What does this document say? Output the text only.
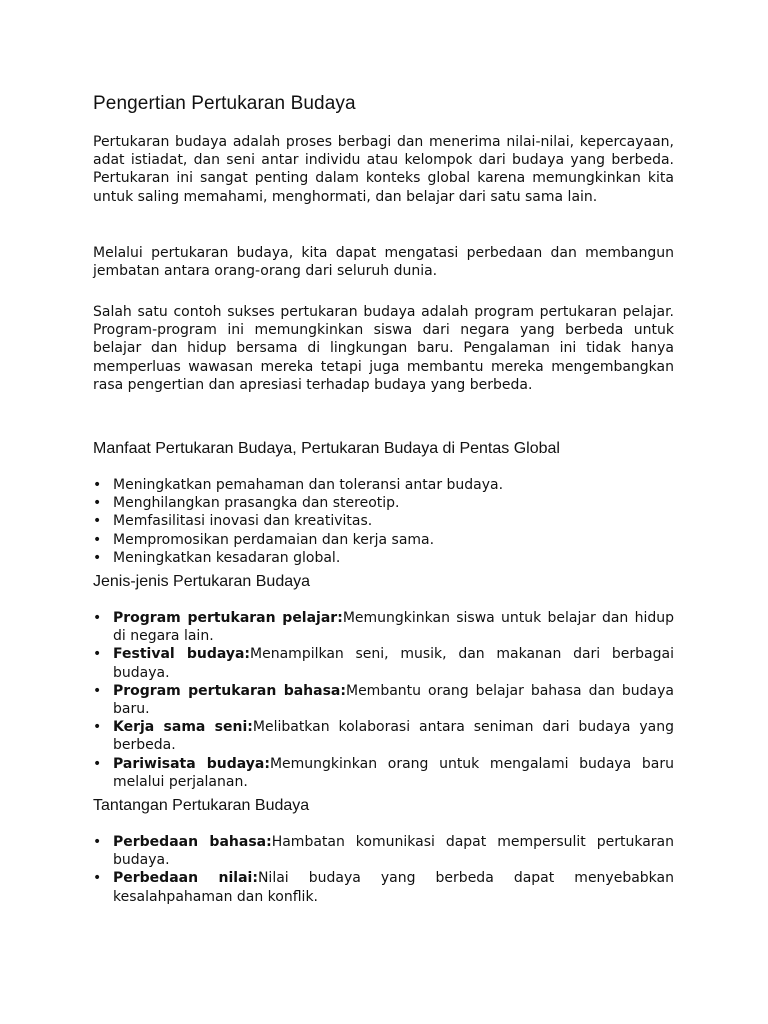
Pengertian Pertukaran Budaya

Pertukaran budaya adalah proses berbagi dan menerima nilai-nilai, kepercayaan, adat istiadat, dan seni antar individu atau kelompok dari budaya yang berbeda. Pertukaran ini sangat penting dalam konteks global karena memungkinkan kita untuk saling memahami, menghormati, dan belajar dari satu sama lain.

Melalui pertukaran budaya, kita dapat mengatasi perbedaan dan membangun jembatan antara orang-orang dari seluruh dunia.

Salah satu contoh sukses pertukaran budaya adalah program pertukaran pelajar. Program-program ini memungkinkan siswa dari negara yang berbeda untuk belajar dan hidup bersama di lingkungan baru. Pengalaman ini tidak hanya memperluas wawasan mereka tetapi juga membantu mereka mengembangkan rasa pengertian dan apresiasi terhadap budaya yang berbeda.

Manfaat Pertukaran Budaya, Pertukaran Budaya di Pentas Global
• Meningkatkan pemahaman dan toleransi antar budaya.
• Menghilangkan prasangka dan stereotip.
• Memfasilitasi inovasi dan kreativitas.
• Mempromosikan perdamaian dan kerja sama.
• Meningkatkan kesadaran global.
Jenis-jenis Pertukaran Budaya
• Program pertukaran pelajar:Memungkinkan siswa untuk belajar dan hidup di negara lain.
• Festival budaya:Menampilkan seni, musik, dan makanan dari berbagai budaya.
• Program pertukaran bahasa:Membantu orang belajar bahasa dan budaya baru.
• Kerja sama seni:Melibatkan kolaborasi antara seniman dari budaya yang berbeda.
• Pariwisata budaya:Memungkinkan orang untuk mengalami budaya baru melalui perjalanan.
Tantangan Pertukaran Budaya
• Perbedaan bahasa:Hambatan komunikasi dapat mempersulit pertukaran budaya.
• Perbedaan nilai:Nilai budaya yang berbeda dapat menyebabkan kesalahpahaman dan konflik.
